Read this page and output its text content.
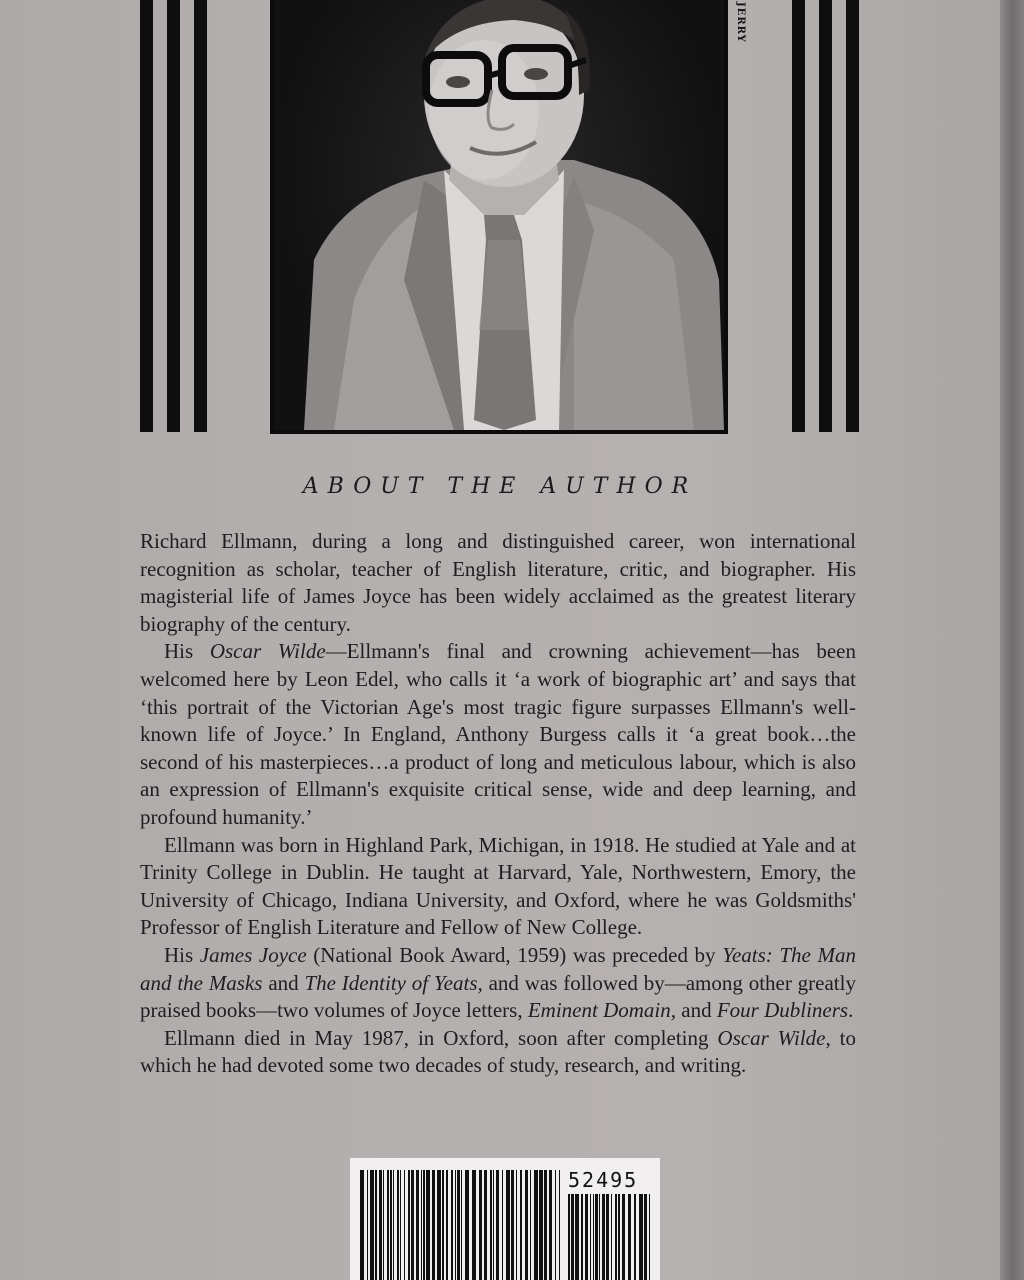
JERRY
ABOUT THE AUTHOR

Richard Ellmann, during a long and distinguished career, won international recognition as scholar, teacher of English literature, critic, and biographer. His magisterial life of James Joyce has been widely acclaimed as the greatest literary biography of the century.

His Oscar Wilde—Ellmann's final and crowning achievement—has been welcomed here by Leon Edel, who calls it ‘a work of biographic art’ and says that ‘this portrait of the Victorian Age's most tragic figure surpasses Ellmann's well-known life of Joyce.’ In England, Anthony Burgess calls it ‘a great book…the second of his masterpieces…a product of long and meticulous labour, which is also an expression of Ellmann's exquisite critical sense, wide and deep learning, and profound humanity.’

Ellmann was born in Highland Park, Michigan, in 1918. He studied at Yale and at Trinity College in Dublin. He taught at Harvard, Yale, Northwestern, Emory, the University of Chicago, Indiana University, and Oxford, where he was Goldsmiths' Professor of English Literature and Fellow of New College.

His James Joyce (National Book Award, 1959) was preceded by Yeats: The Man and the Masks and The Identity of Yeats, and was followed by—among other greatly praised books—two volumes of Joyce letters, Eminent Domain, and Four Dubliners.

Ellmann died in May 1987, in Oxford, soon after completing Oscar Wilde, to which he had devoted some two decades of study, research, and writing.

52495
